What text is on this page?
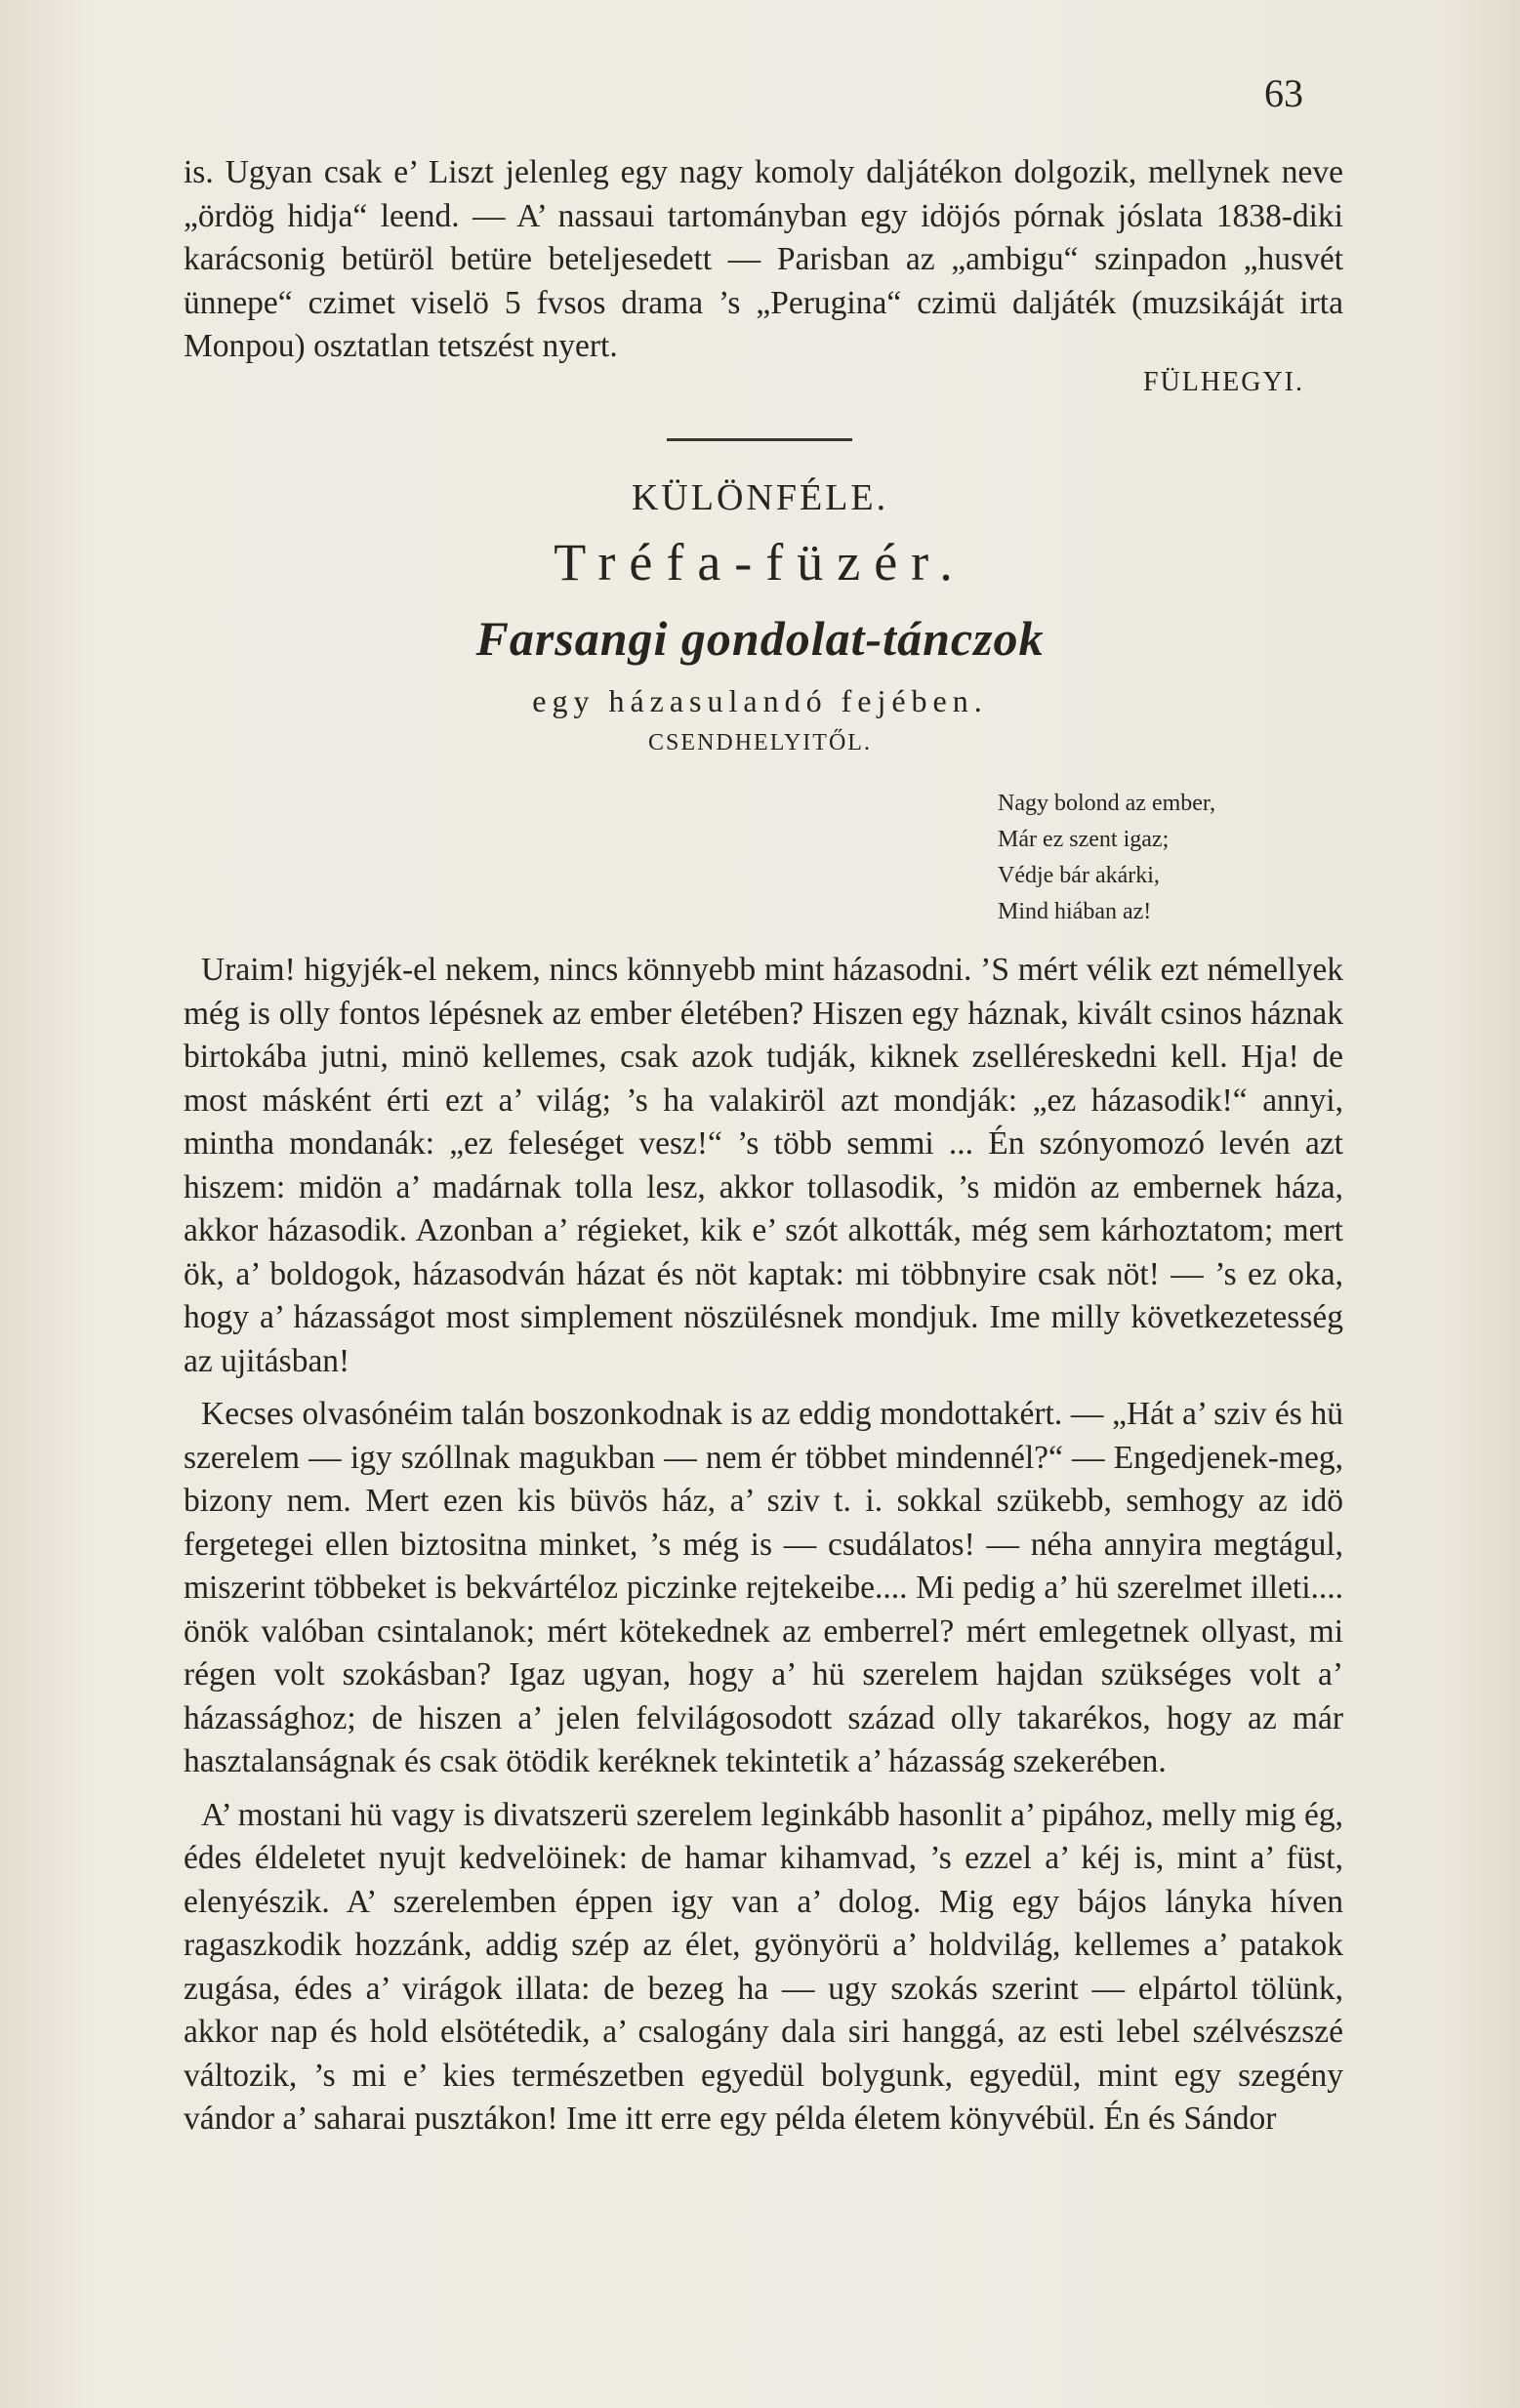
63

is. Ugyan csak e’ Liszt jelenleg egy nagy komoly daljátékon dolgozik, mellynek neve „ördög hidja“ leend. — A’ nassaui tartományban egy idöjós pórnak jóslata 1838-diki karácsonig betüröl betüre beteljesedett — Parisban az „ambigu“ szinpadon „husvét ünnepe“ czimet viselö 5 fvsos drama ’s „Perugina“ czimü daljáték (muzsikáját irta Monpou) osztatlan tetszést nyert.

FÜLHEGYI.
KÜLÖNFÉLE.
Tréfa-füzér.
Farsangi gondolat-tánczok
egy házasulandó fejében.
CSENDHELYITŐL.
Nagy bolond az ember,
Már ez szent igaz;
Védje bár akárki,
Mind hiában az!

Uraim! higyjék-el nekem, nincs könnyebb mint házasodni. ’S mért vélik ezt némellyek még is olly fontos lépésnek az ember életében? Hiszen egy háznak, kivált csinos háznak birtokába jutni, minö kellemes, csak azok tudják, kiknek zselléreskedni kell. Hja! de most másként érti ezt a’ világ; ’s ha valakiröl azt mondják: „ez házasodik!“ annyi, mintha mondanák: „ez feleséget vesz!“ ’s több semmi ... Én szónyomozó levén azt hiszem: midön a’ madárnak tolla lesz, akkor tollasodik, ’s midön az embernek háza, akkor házasodik. Azonban a’ régieket, kik e’ szót alkották, még sem kárhoztatom; mert ök, a’ boldogok, házasodván házat és nöt kaptak: mi többnyire csak nöt! — ’s ez oka, hogy a’ házasságot most simplement nöszülésnek mondjuk. Ime milly következetesség az ujitásban!

Kecses olvasónéim talán boszonkodnak is az eddig mondottakért. — „Hát a’ sziv és hü szerelem — igy szóllnak magukban — nem ér többet mindennél?“ — Engedjenek-meg, bizony nem. Mert ezen kis büvös ház, a’ sziv t. i. sokkal szükebb, semhogy az idö fergetegei ellen biztositna minket, ’s még is — csudálatos! — néha annyira megtágul, miszerint többeket is bekvártéloz piczinke rejtekeibe.... Mi pedig a’ hü szerelmet illeti.... önök valóban csintalanok; mért kötekednek az emberrel? mért emlegetnek ollyast, mi régen volt szokásban? Igaz ugyan, hogy a’ hü szerelem hajdan szükséges volt a’ házassághoz; de hiszen a’ jelen felvilágosodott század olly takarékos, hogy az már hasztalanságnak és csak ötödik keréknek tekintetik a’ házasság szekerében.

A’ mostani hü vagy is divatszerü szerelem leginkább hasonlit a’ pipához, melly mig ég, édes éldeletet nyujt kedvelöinek: de hamar kihamvad, ’s ezzel a’ kéj is, mint a’ füst, elenyészik. A’ szerelemben éppen igy van a’ dolog. Mig egy bájos lányka híven ragaszkodik hozzánk, addig szép az élet, gyönyörü a’ holdvilág, kellemes a’ patakok zugása, édes a’ virágok illata: de bezeg ha — ugy szokás szerint — elpártol tölünk, akkor nap és hold elsötétedik, a’ csalogány dala siri hanggá, az esti lebel szélvészszé változik, ’s mi e’ kies természetben egyedül bolygunk, egyedül, mint egy szegény vándor a’ saharai pusztákon! Ime itt erre egy példa életem könyvébül. Én és Sándor
